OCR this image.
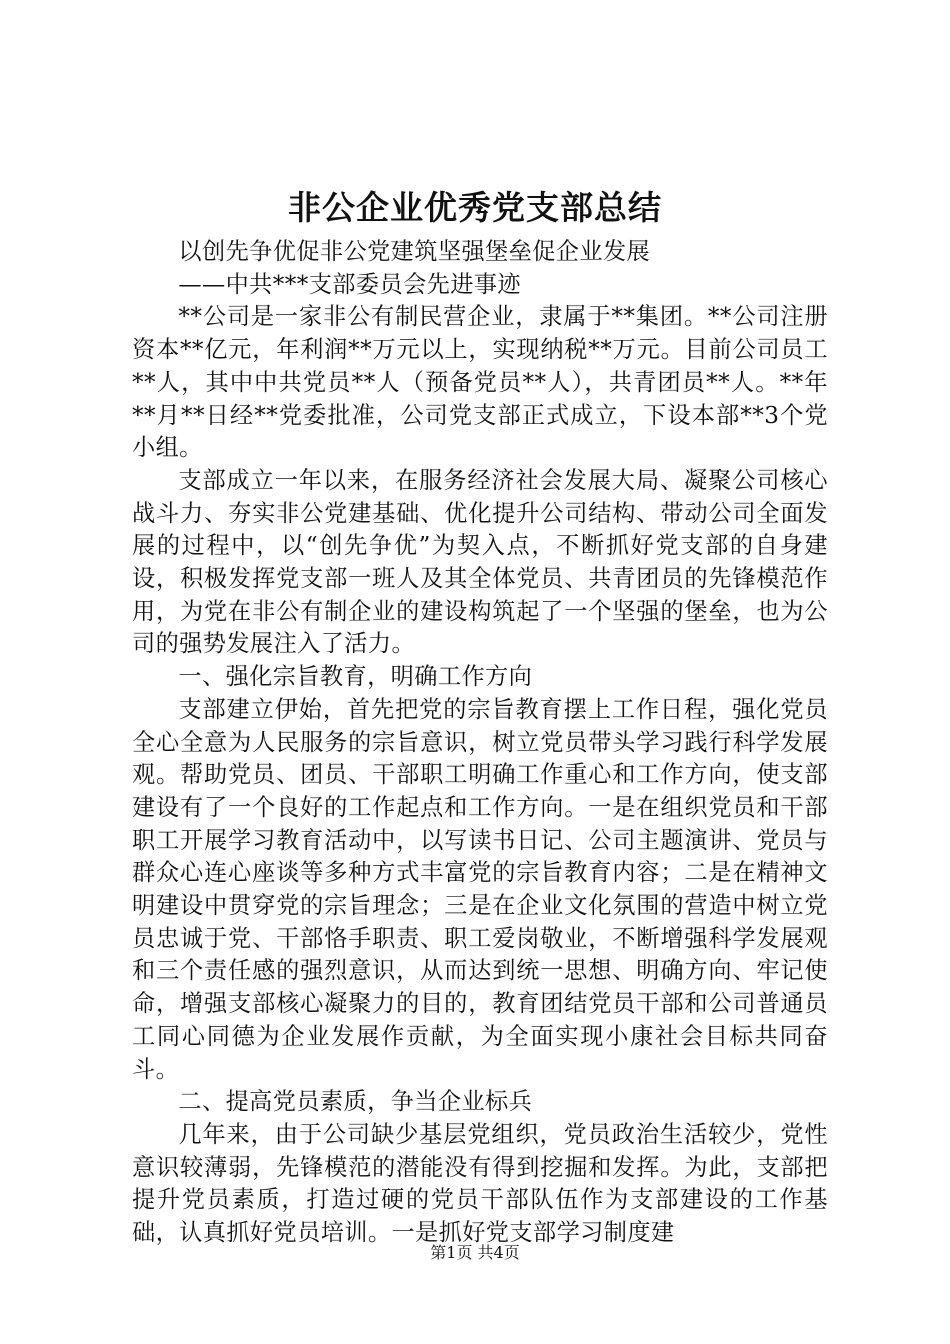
非公企业优秀党支部总结

以创先争优促非公党建筑坚强堡垒促企业发展

——中共***支部委员会先进事迹

**公司是一家非公有制民营企业，隶属于**集团。**公司注册资本**亿元，年利润**万元以上，实现纳税**万元。目前公司员工**人，其中中共党员**人（预备党员**人），共青团员**人。**年**月**日经**党委批准，公司党支部正式成立，下设本部**3个党小组。

支部成立一年以来，在服务经济社会发展大局、凝聚公司核心战斗力、夯实非公党建基础、优化提升公司结构、带动公司全面发展的过程中，以“创先争优”为契入点，不断抓好党支部的自身建设，积极发挥党支部一班人及其全体党员、共青团员的先锋模范作用，为党在非公有制企业的建设构筑起了一个坚强的堡垒，也为公司的强势发展注入了活力。

一、强化宗旨教育，明确工作方向

支部建立伊始，首先把党的宗旨教育摆上工作日程，强化党员全心全意为人民服务的宗旨意识，树立党员带头学习践行科学发展观。帮助党员、团员、干部职工明确工作重心和工作方向，使支部建设有了一个良好的工作起点和工作方向。一是在组织党员和干部职工开展学习教育活动中，以写读书日记、公司主题演讲、党员与群众心连心座谈等多种方式丰富党的宗旨教育内容；二是在精神文明建设中贯穿党的宗旨理念；三是在企业文化氛围的营造中树立党员忠诚于党、干部恪手职责、职工爱岗敬业，不断增强科学发展观和三个责任感的强烈意识，从而达到统一思想、明确方向、牢记使命，增强支部核心凝聚力的目的，教育团结党员干部和公司普通员工同心同德为企业发展作贡献，为全面实现小康社会目标共同奋斗。

二、提高党员素质，争当企业标兵

几年来，由于公司缺少基层党组织，党员政治生活较少，党性意识较薄弱，先锋模范的潜能没有得到挖掘和发挥。为此，支部把提升党员素质，打造过硬的党员干部队伍作为支部建设的工作基础，认真抓好党员培训。一是抓好党支部学习制度建

第1页 共4页
